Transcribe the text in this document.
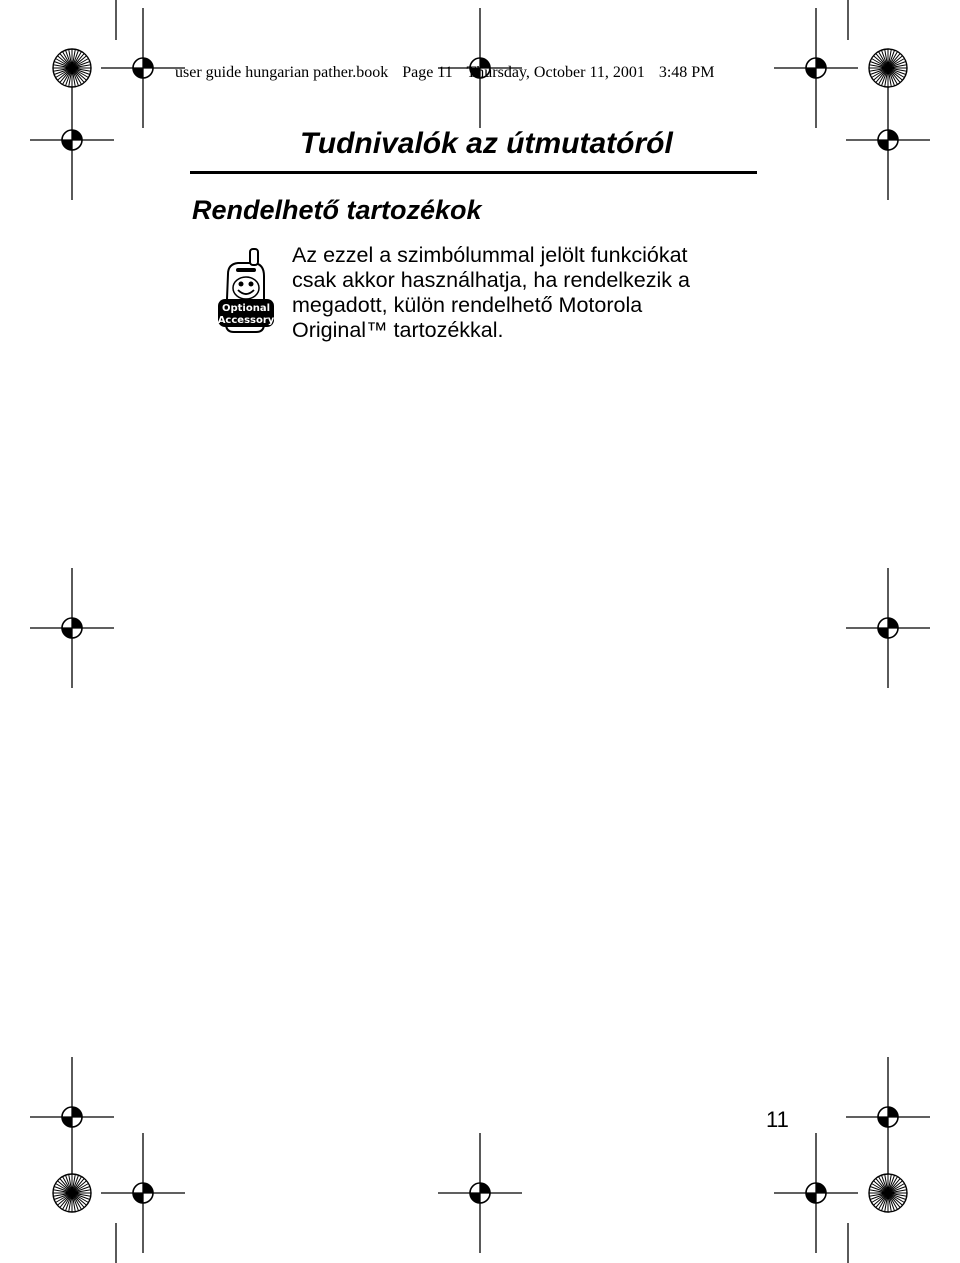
user guide hungarian pather.book Page 11 Thursday, October 11, 2001 3:48 PM
Tudnivalók az útmutatóról
Rendelhető tartozékok
Optional
Accessory
Az ezzel a szimbólummal jelölt funkciókat
csak akkor használhatja, ha rendelkezik a
megadott, külön rendelhető Motorola
Original™ tartozékkal.
11
